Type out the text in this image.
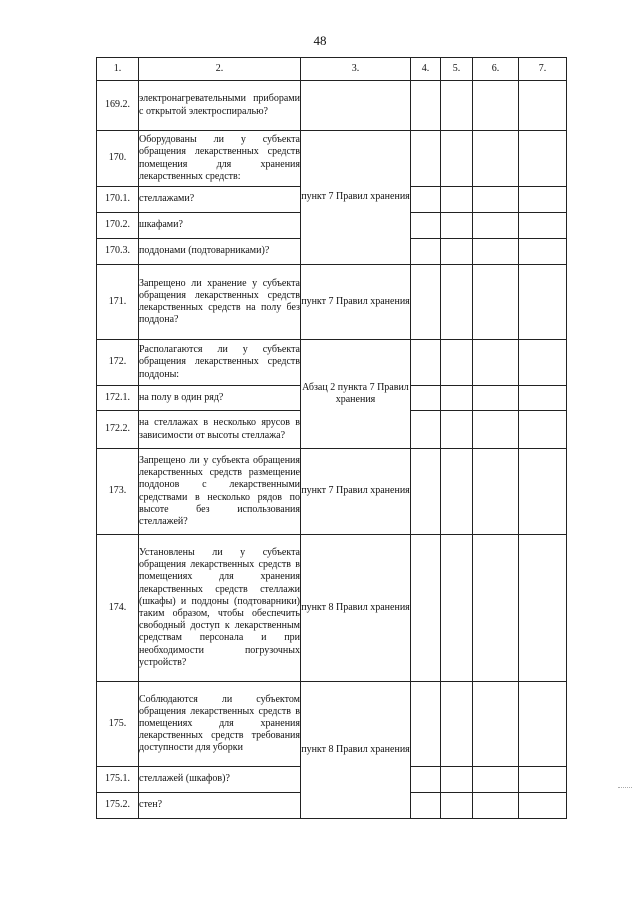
48
1.	2.	3.	4.	5.	6.	7.
169.2.	электронагревательными приборами с открытой электроспиралью?					
170.	Оборудованы ли у субъекта обращения лекарственных средств помещения для хранения лекарственных средств:	пункт 7 Правил хранения				
170.1.	стеллажами?					
170.2.	шкафами?					
170.3.	поддонами (подтоварниками)?					
171.	Запрещено ли хранение у субъекта обращения лекарственных средств лекарственных средств на полу без поддона?	пункт 7 Правил хранения				
172.	Располагаются ли у субъекта обращения лекарственных средств поддоны:	Абзац 2 пункта 7 Правил хранения				
172.1.	на полу в один ряд?					
172.2.	на стеллажах в несколько ярусов в зависимости от высоты стеллажа?					
173.	Запрещено ли у субъекта обращения лекарственных средств размещение поддонов с лекарственными средствами в несколько рядов по высоте без использования стеллажей?	пункт 7 Правил хранения				
174.	Установлены ли у субъекта обращения лекарственных средств в помещениях для хранения лекарственных средств стеллажи (шкафы) и поддоны (подтоварники) таким образом, чтобы обеспечить свободный доступ к лекарственным средствам персонала и при необходимости погрузочных устройств?	пункт 8 Правил хранения				
175.	Соблюдаются ли субъектом обращения лекарственных средств в помещениях для хранения лекарственных средств требования доступности для уборки	пункт 8 Правил хранения				
175.1.	стеллажей (шкафов)?					
175.2.	стен?					
